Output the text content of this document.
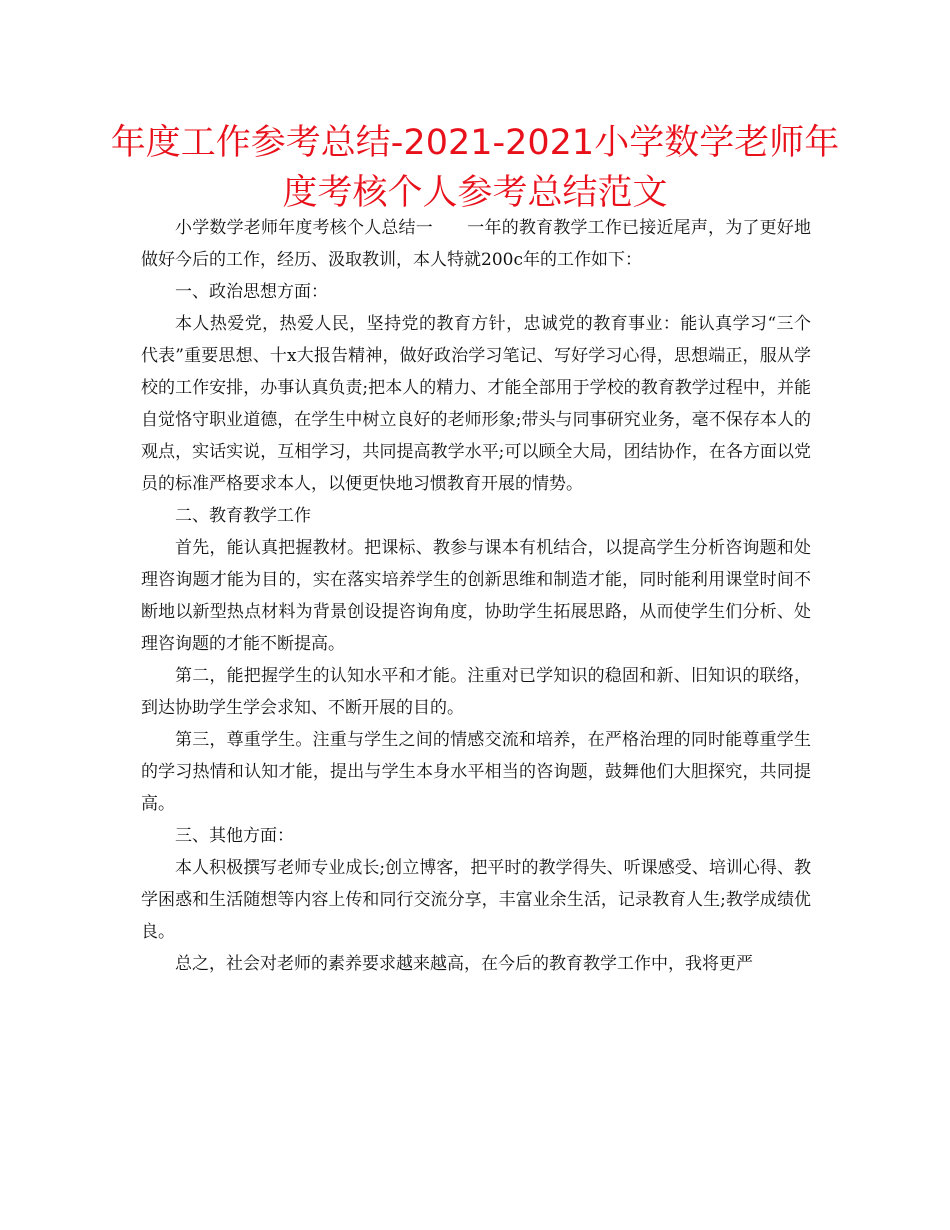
年度工作参考总结-2021-2021小学数学老师年度考核个人参考总结范文

小学数学老师年度考核个人总结一　　一年的教育教学工作已接近尾声，为了更好地做好今后的工作，经历、汲取教训，本人特就200c年的工作如下：

一、政治思想方面：

本人热爱党，热爱人民，坚持党的教育方针，忠诚党的教育事业：能认真学习“三个代表”重要思想、十x大报告精神，做好政治学习笔记、写好学习心得，思想端正，服从学校的工作安排，办事认真负责;把本人的精力、才能全部用于学校的教育教学过程中，并能自觉恪守职业道德，在学生中树立良好的老师形象;带头与同事研究业务，毫不保存本人的观点，实话实说，互相学习，共同提高教学水平;可以顾全大局，团结协作，在各方面以党员的标准严格要求本人，以便更快地习惯教育开展的情势。

二、教育教学工作

首先，能认真把握教材。把课标、教参与课本有机结合，以提高学生分析咨询题和处理咨询题才能为目的，实在落实培养学生的创新思维和制造才能，同时能利用课堂时间不断地以新型热点材料为背景创设提咨询角度，协助学生拓展思路，从而使学生们分析、处理咨询题的才能不断提高。

第二，能把握学生的认知水平和才能。注重对已学知识的稳固和新、旧知识的联络，到达协助学生学会求知、不断开展的目的。

第三，尊重学生。注重与学生之间的情感交流和培养，在严格治理的同时能尊重学生的学习热情和认知才能，提出与学生本身水平相当的咨询题，鼓舞他们大胆探究，共同提高。

三、其他方面：

本人积极撰写老师专业成长;创立博客，把平时的教学得失、听课感受、培训心得、教学困惑和生活随想等内容上传和同行交流分享，丰富业余生活，记录教育人生;教学成绩优良。

总之，社会对老师的素养要求越来越高，在今后的教育教学工作中，我将更严
